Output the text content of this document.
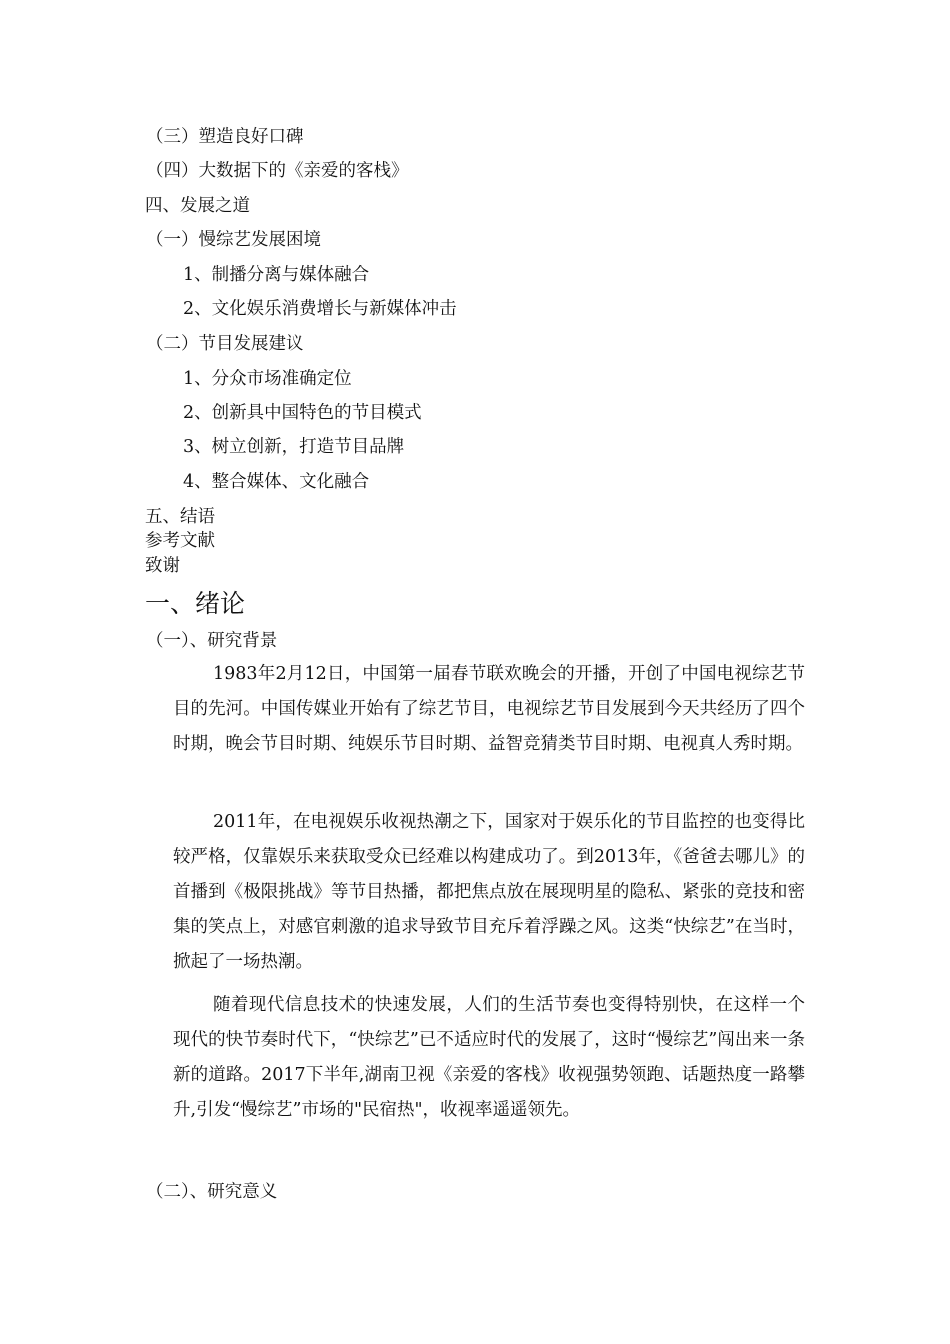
（三）塑造良好口碑
（四）大数据下的《亲爱的客栈》
四、发展之道
（一）慢综艺发展困境
1、制播分离与媒体融合
2、文化娱乐消费增长与新媒体冲击
（二）节目发展建议
1、分众市场准确定位
2、创新具中国特色的节目模式
3、树立创新，打造节目品牌
4、整合媒体、文化融合
五、结语
参考文献
致谢
一、绪论
（一）、研究背景

1983年2月12日，中国第一届春节联欢晚会的开播，开创了中国电视综艺节目的先河。中国传媒业开始有了综艺节目，电视综艺节目发展到今天共经历了四个时期，晚会节目时期、纯娱乐节目时期、益智竞猜类节目时期、电视真人秀时期。

2011年，在电视娱乐收视热潮之下，国家对于娱乐化的节目监控的也变得比较严格，仅靠娱乐来获取受众已经难以构建成功了。到2013年，《爸爸去哪儿》的首播到《极限挑战》等节目热播，都把焦点放在展现明星的隐私、紧张的竞技和密集的笑点上，对感官刺激的追求导致节目充斥着浮躁之风。这类“快综艺”在当时，掀起了一场热潮。

随着现代信息技术的快速发展，人们的生活节奏也变得特别快，在这样一个现代的快节奏时代下，“快综艺”已不适应时代的发展了，这时“慢综艺”闯出来一条新的道路。2017下半年,湖南卫视《亲爱的客栈》收视强势领跑、话题热度一路攀升,引发“慢综艺”市场的"民宿热"，收视率遥遥领先。

（二）、研究意义
